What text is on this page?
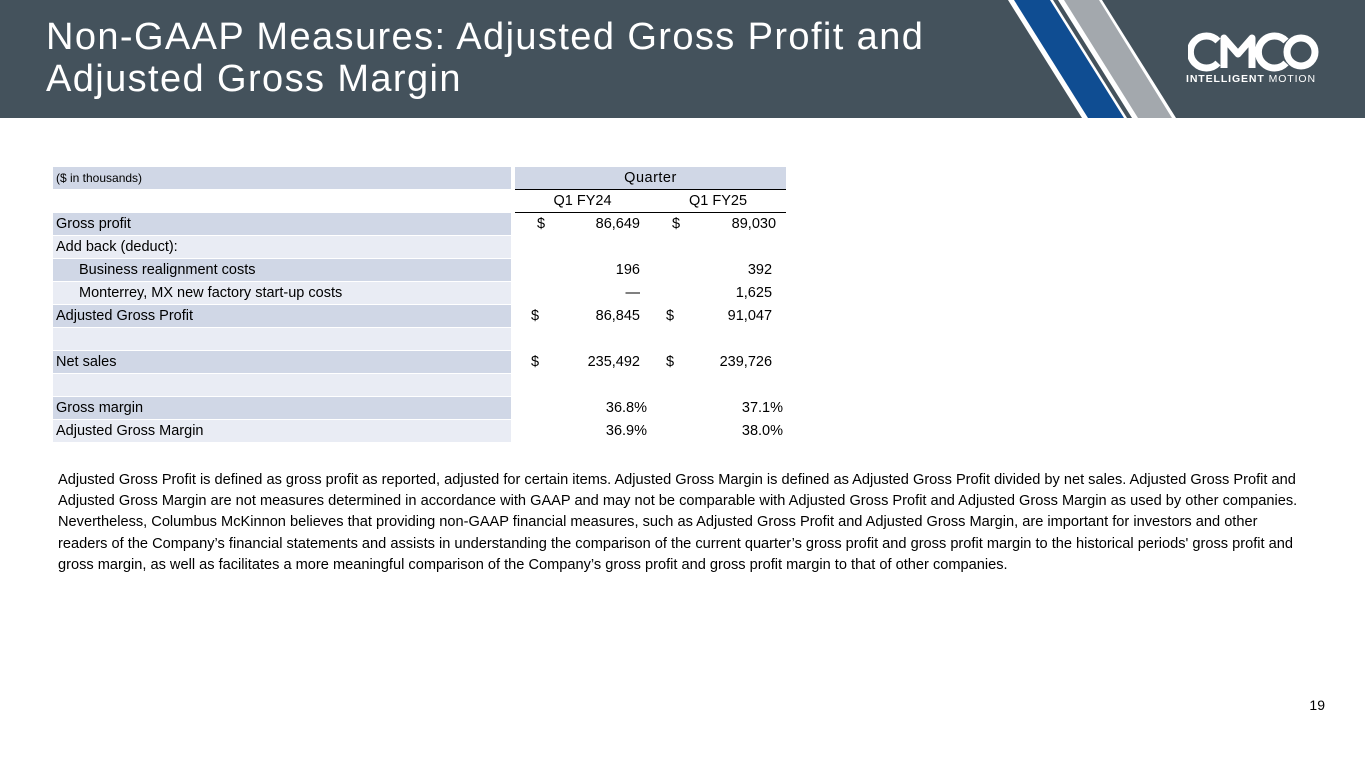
Non-GAAP Measures: Adjusted Gross Profit and
Adjusted Gross Margin	INTELLIGENT MOTION
($ in thousands)		Quarter	
		Q1 FY24	Q1 FY25
Gross profit		$ 86,649	$ 89,030

Add back (deduct):			
Business realignment costs		196	392

Monterrey, MX new factory start-up costs		—	1,625

Adjusted Gross Profit		$ 86,845	$ 91,047

Net sales		$ 235,492	$ 239,726

Gross margin		36.8%	37.1%

Adjusted Gross Margin		36.9%	38.0%

Adjusted Gross Profit is defined as gross profit as reported, adjusted for certain items. Adjusted Gross Margin is defined as Adjusted Gross Profit divided by net sales. Adjusted Gross Profit and Adjusted Gross Margin are not measures determined in accordance with GAAP and may not be comparable with Adjusted Gross Profit and Adjusted Gross Margin as used by other companies. Nevertheless, Columbus McKinnon believes that providing non-GAAP financial measures, such as Adjusted Gross Profit and Adjusted Gross Margin, are important for investors and other readers of the Company’s financial statements and assists in understanding the comparison of the current quarter’s gross profit and gross profit margin to the historical periods' gross profit and gross margin, as well as facilitates a more meaningful comparison of the Company’s gross profit and gross profit margin to that of other companies.

19
